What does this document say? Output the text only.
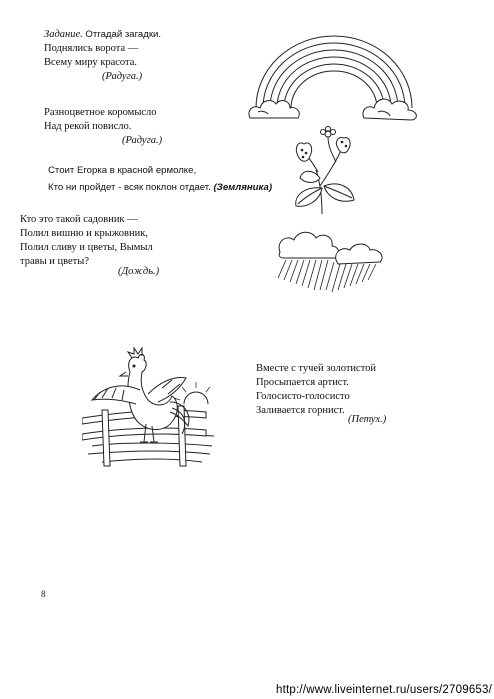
Задание. Отгадай загадки.
Поднялись ворота —
Всему миру красота.
(Радуга.)
Разноцветное коромысло
Над рекой повисло.
(Радуга.)
Стоит Егорка в красной ермолке,
Кто ни пройдет - всяк поклон отдает. (Земляника)
Кто это такой садовник —
Полил вишню и крыжовник,
Полил сливу и цветы, Вымыл
травы и цветы?
(Дождь.)
Вместе с тучей золотистой
Просыпается артист.
Голосисто-голосисто
Заливается горнист.
(Петух.)
8
http://www.liveinternet.ru/users/2709653/
